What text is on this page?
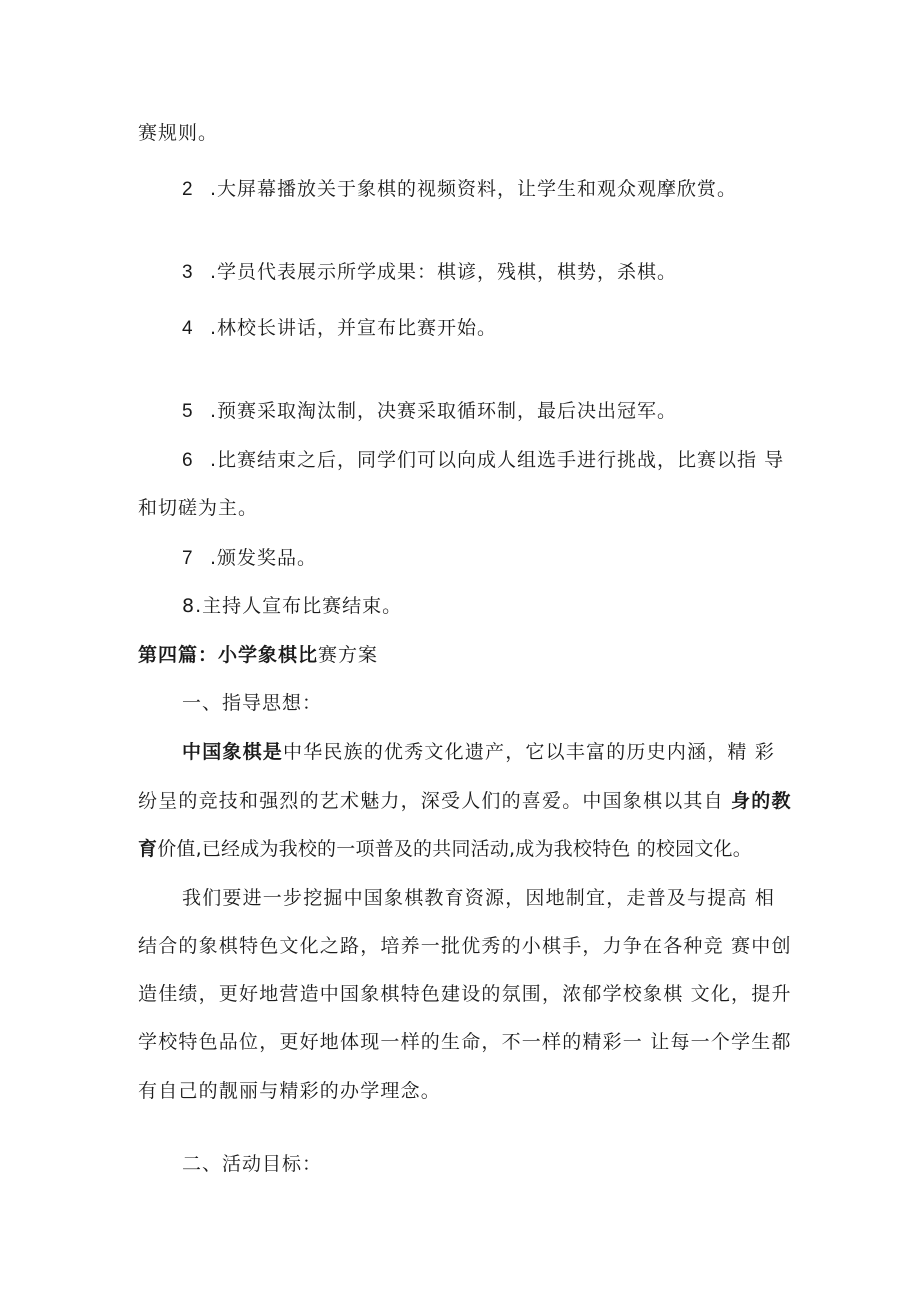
赛规则。
2 .大屏幕播放关于象棋的视频资料，让学生和观众观摩欣赏。
3 .学员代表展示所学成果：棋谚，残棋，棋势，杀棋。
4 .林校长讲话，并宣布比赛开始。
5 .预赛采取淘汰制，决赛采取循环制，最后决出冠军。
6 .比赛结束之后，同学们可以向成人组选手进行挑战，比赛以指 导
和切磋为主。
7 .颁发奖品。
8.主持人宣布比赛结束。
第四篇：小学象棋比赛方案
一、指导思想：
中国象棋是中华民族的优秀文化遗产，它以丰富的历史内涵，精 彩
纷呈的竞技和强烈的艺术魅力，深受人们的喜爱。中国象棋以其自 身的教
育价值,已经成为我校的一项普及的共同活动,成为我校特色 的校园文化。
我们要进一步挖掘中国象棋教育资源，因地制宜，走普及与提高 相
结合的象棋特色文化之路，培养一批优秀的小棋手，力争在各种竞 赛中创
造佳绩，更好地营造中国象棋特色建设的氛围，浓郁学校象棋 文化，提升
学校特色品位，更好地体现一样的生命，不一样的精彩一 让每一个学生都
有自己的靓丽与精彩的办学理念。
二、活动目标：
